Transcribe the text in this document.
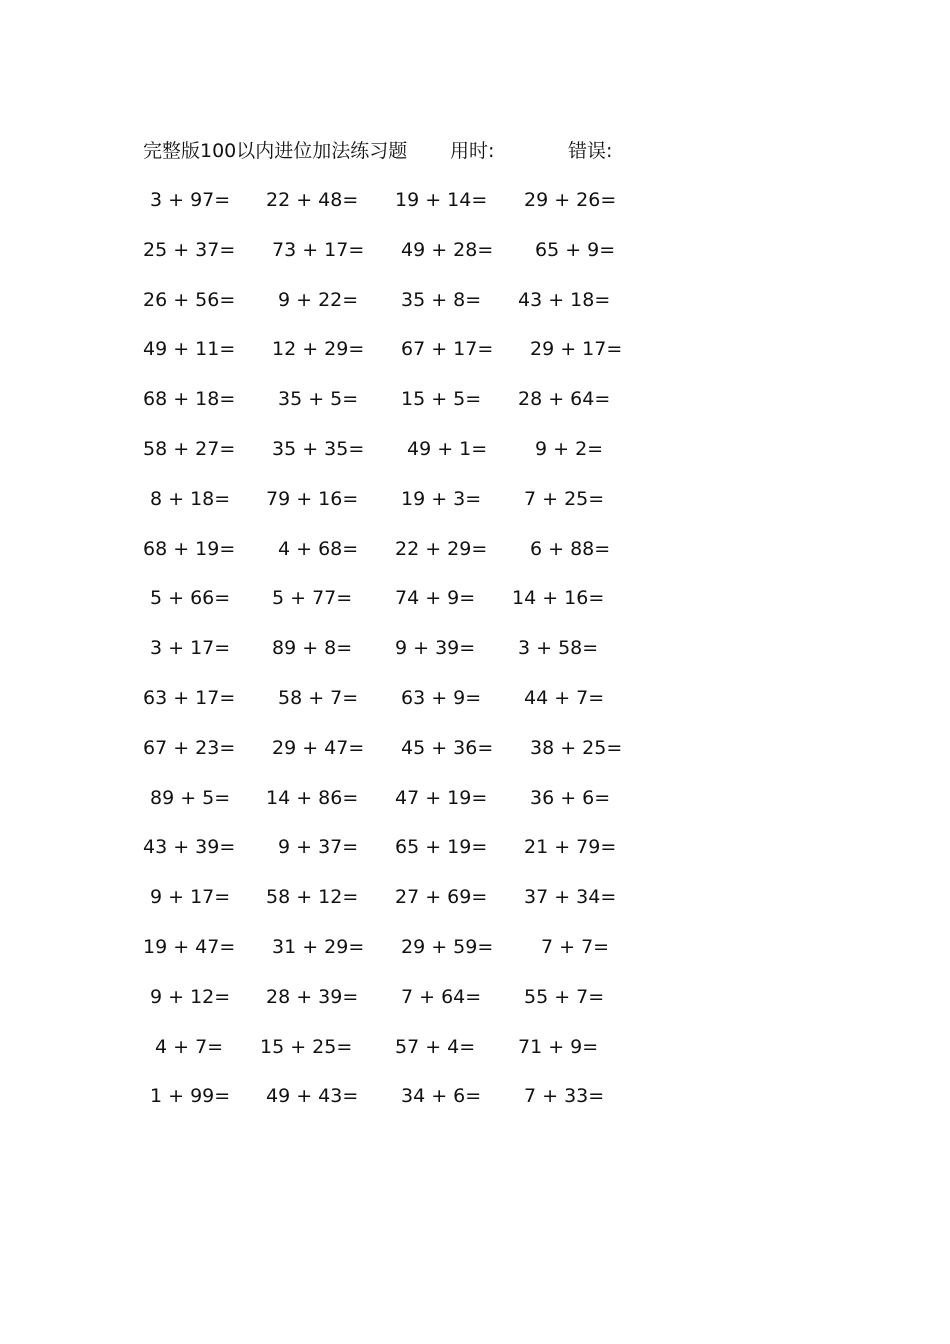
完整版100以内进位加法练习题 用时:	错误:
3 + 97= 22 + 48= 19 + 14= 29 + 26=
25 + 37= 73 + 17= 49 + 28= 65 + 9=
26 + 56= 9 + 22= 35 + 8= 43 + 18=
49 + 11= 12 + 29= 67 + 17= 29 + 17=
68 + 18= 35 + 5= 15 + 5= 28 + 64=
58 + 27= 35 + 35= 49 + 1=	9 + 2=
8 + 18= 79 + 16= 19 + 3= 7 + 25=
68 + 19= 4 + 68= 22 + 29= 6 + 88=
5 + 66= 5 + 77= 74 + 9= 14 + 16=
3 + 17= 89 + 8= 9 + 39= 3 + 58=
63 + 17= 58 + 7= 63 + 9= 44 + 7=
67 + 23= 29 + 47= 45 + 36= 38 + 25=
89 + 5= 14 + 86= 47 + 19= 36 + 6=
43 + 39= 9 + 37= 65 + 19= 21 + 79=
9 + 17= 58 + 12= 27 + 69= 37 + 34=
19 + 47= 31 + 29= 29 + 59=	7 + 7=
9 + 12= 28 + 39= 7 + 64= 55 + 7=
4 + 7= 15 + 25= 57 + 4= 71 + 9=
1 + 99= 49 + 43= 34 + 6= 7 + 33=
